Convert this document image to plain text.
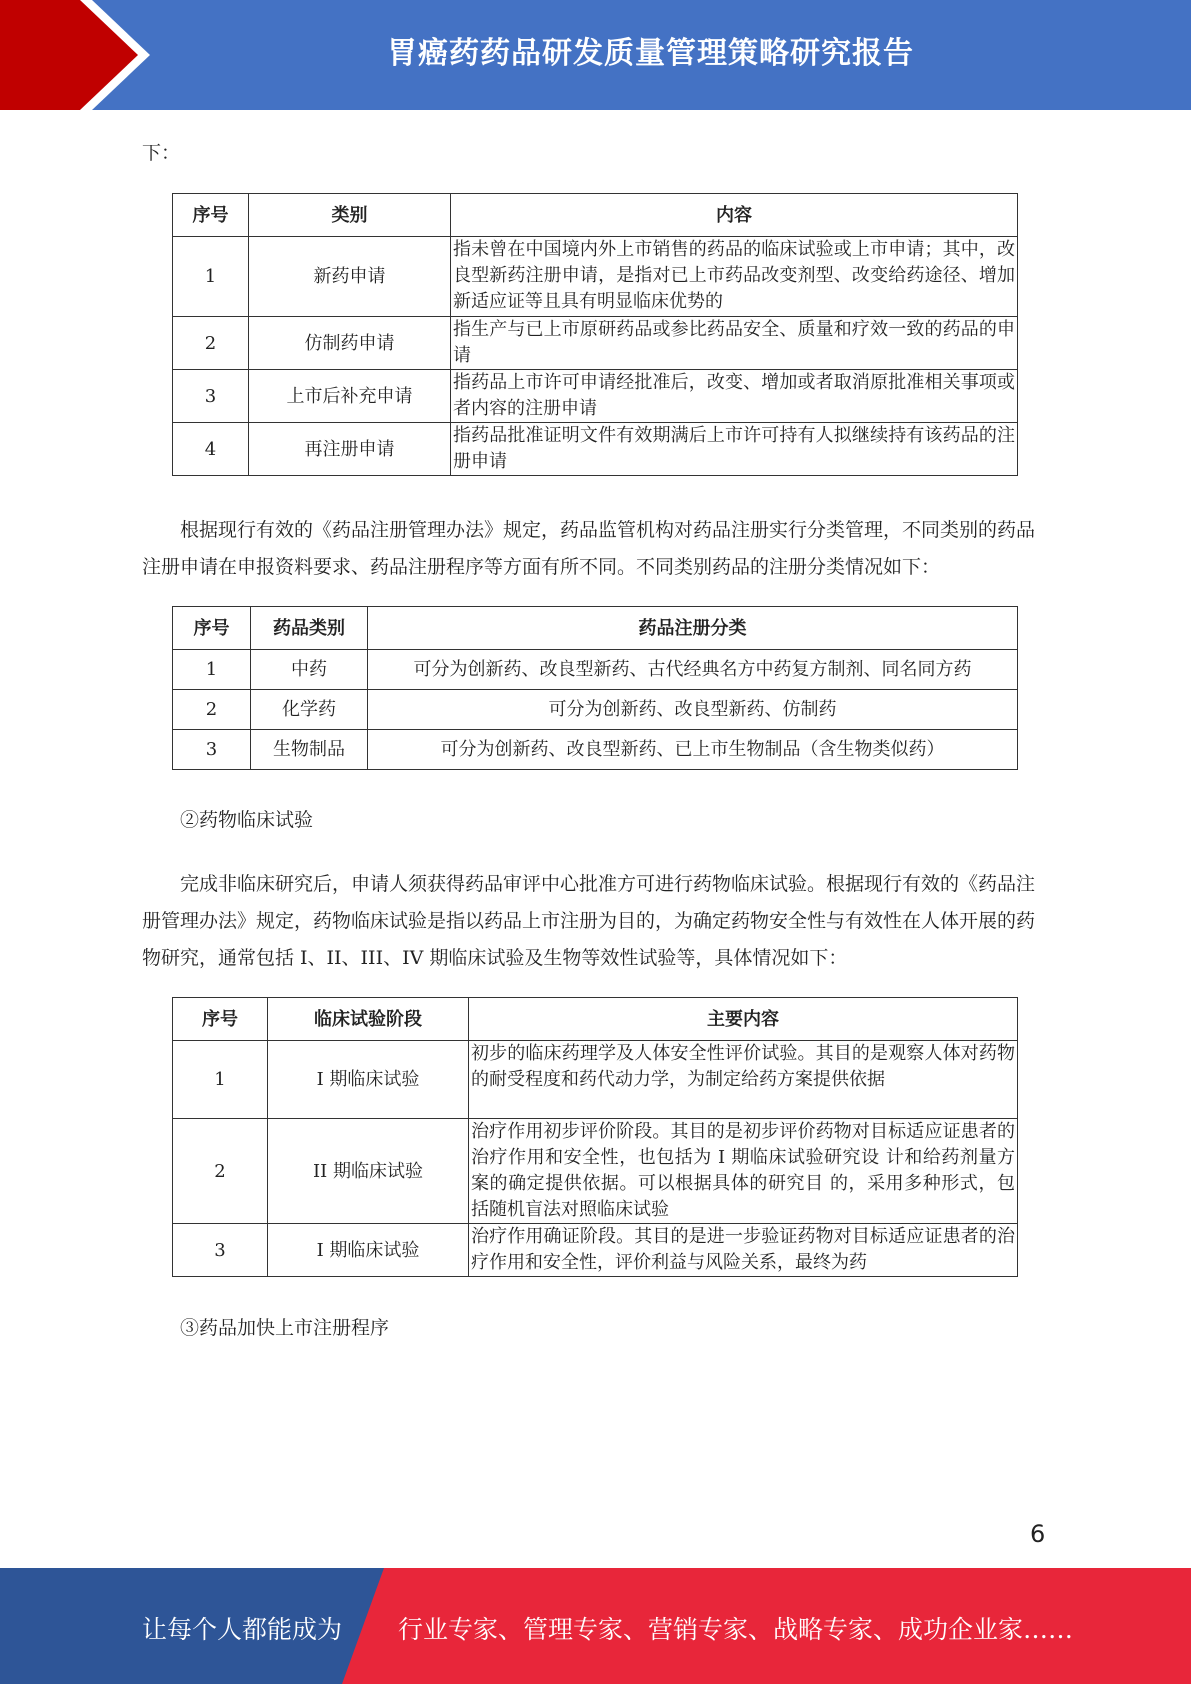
胃癌药药品研发质量管理策略研究报告

下：

序号	类别	内容
1	新药申请	指未曾在中国境内外上市销售的药品的临床试验或上市申请；其中，改良型新药注册申请，是指对已上市药品改变剂型、改变给药途径、增加新适应证等且具有明显临床优势的
2	仿制药申请	指生产与已上市原研药品或参比药品安全、质量和疗效一致的药品的申请
3	上市后补充申请	指药品上市许可申请经批准后，改变、增加或者取消原批准相关事项或者内容的注册申请
4	再注册申请	指药品批准证明文件有效期满后上市许可持有人拟继续持有该药品的注册申请

根据现行有效的《药品注册管理办法》规定，药品监管机构对药品注册实行分类管理，不同类别的药品注册申请在申报资料要求、药品注册程序等方面有所不同。不同类别药品的注册分类情况如下：

序号	药品类别	药品注册分类
1	中药	可分为创新药、改良型新药、古代经典名方中药复方制剂、同名同方药
2	化学药	可分为创新药、改良型新药、仿制药
3	生物制品	可分为创新药、改良型新药、已上市生物制品（含生物类似药）

②药物临床试验

完成非临床研究后，申请人须获得药品审评中心批准方可进行药物临床试验。根据现行有效的《药品注册管理办法》规定，药物临床试验是指以药品上市注册为目的，为确定药物安全性与有效性在人体开展的药物研究，通常包括 I、II、III、IV 期临床试验及生物等效性试验等，具体情况如下：

序号	临床试验阶段	主要内容
1	I 期临床试验	初步的临床药理学及人体安全性评价试验。其目的是观察人体对药物的耐受程度和药代动力学，为制定给药方案提供依据
2	II 期临床试验	治疗作用初步评价阶段。其目的是初步评价药物对目标适应证患者的治疗作用和安全性，也包括为 I 期临床试验研究设 计和给药剂量方案的确定提供依据。可以根据具体的研究目 的，采用多种形式，包括随机盲法对照临床试验
3	I 期临床试验	治疗作用确证阶段。其目的是进一步验证药物对目标适应证患者的治疗作用和安全性，评价利益与风险关系，最终为药

③药品加快上市注册程序

6
让每个人都能成为 行业专家、管理专家、营销专家、战略专家、成功企业家……
